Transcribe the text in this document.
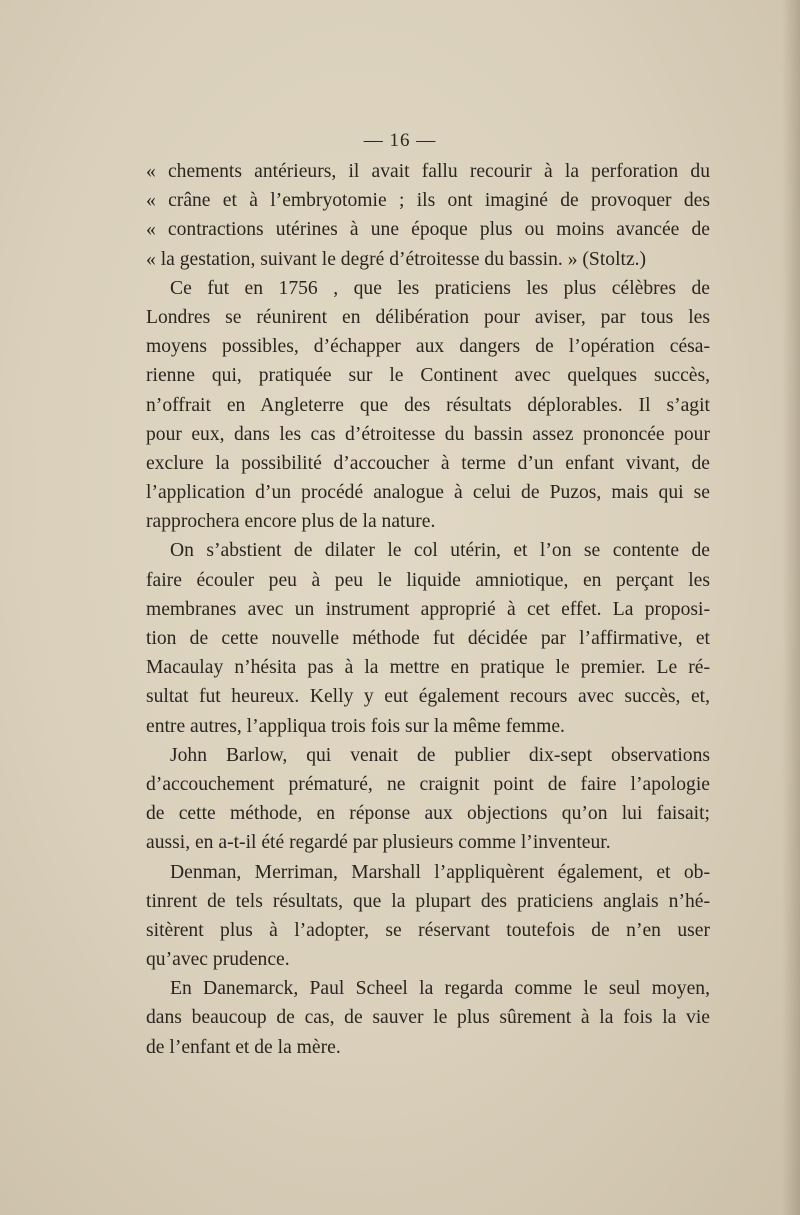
— 16 —
« chements antérieurs, il avait fallu recourir à la perforation du
« crâne et à l’embryotomie ; ils ont imaginé de provoquer des
« contractions utérines à une époque plus ou moins avancée de
« la gestation, suivant le degré d’étroitesse du bassin. » (Stoltz.)
Ce fut en 1756 , que les praticiens les plus célèbres de
Londres se réunirent en délibération pour aviser, par tous les
moyens possibles, d’échapper aux dangers de l’opération césa-
rienne qui, pratiquée sur le Continent avec quelques succès,
n’offrait en Angleterre que des résultats déplorables. Il s’agit
pour eux, dans les cas d’étroitesse du bassin assez prononcée pour
exclure la possibilité d’accoucher à terme d’un enfant vivant, de
l’application d’un procédé analogue à celui de Puzos, mais qui se
rapprochera encore plus de la nature.
On s’abstient de dilater le col utérin, et l’on se contente de
faire écouler peu à peu le liquide amniotique, en perçant les
membranes avec un instrument approprié à cet effet. La proposi-
tion de cette nouvelle méthode fut décidée par l’affirmative, et
Macaulay n’hésita pas à la mettre en pratique le premier. Le ré-
sultat fut heureux. Kelly y eut également recours avec succès, et,
entre autres, l’appliqua trois fois sur la même femme.
John Barlow, qui venait de publier dix-sept observations
d’accouchement prématuré, ne craignit point de faire l’apologie
de cette méthode, en réponse aux objections qu’on lui faisait;
aussi, en a-t-il été regardé par plusieurs comme l’inventeur.
Denman, Merriman, Marshall l’appliquèrent également, et ob-
tinrent de tels résultats, que la plupart des praticiens anglais n’hé-
sitèrent plus à l’adopter, se réservant toutefois de n’en user
qu’avec prudence.
En Danemarck, Paul Scheel la regarda comme le seul moyen,
dans beaucoup de cas, de sauver le plus sûrement à la fois la vie
de l’enfant et de la mère.
